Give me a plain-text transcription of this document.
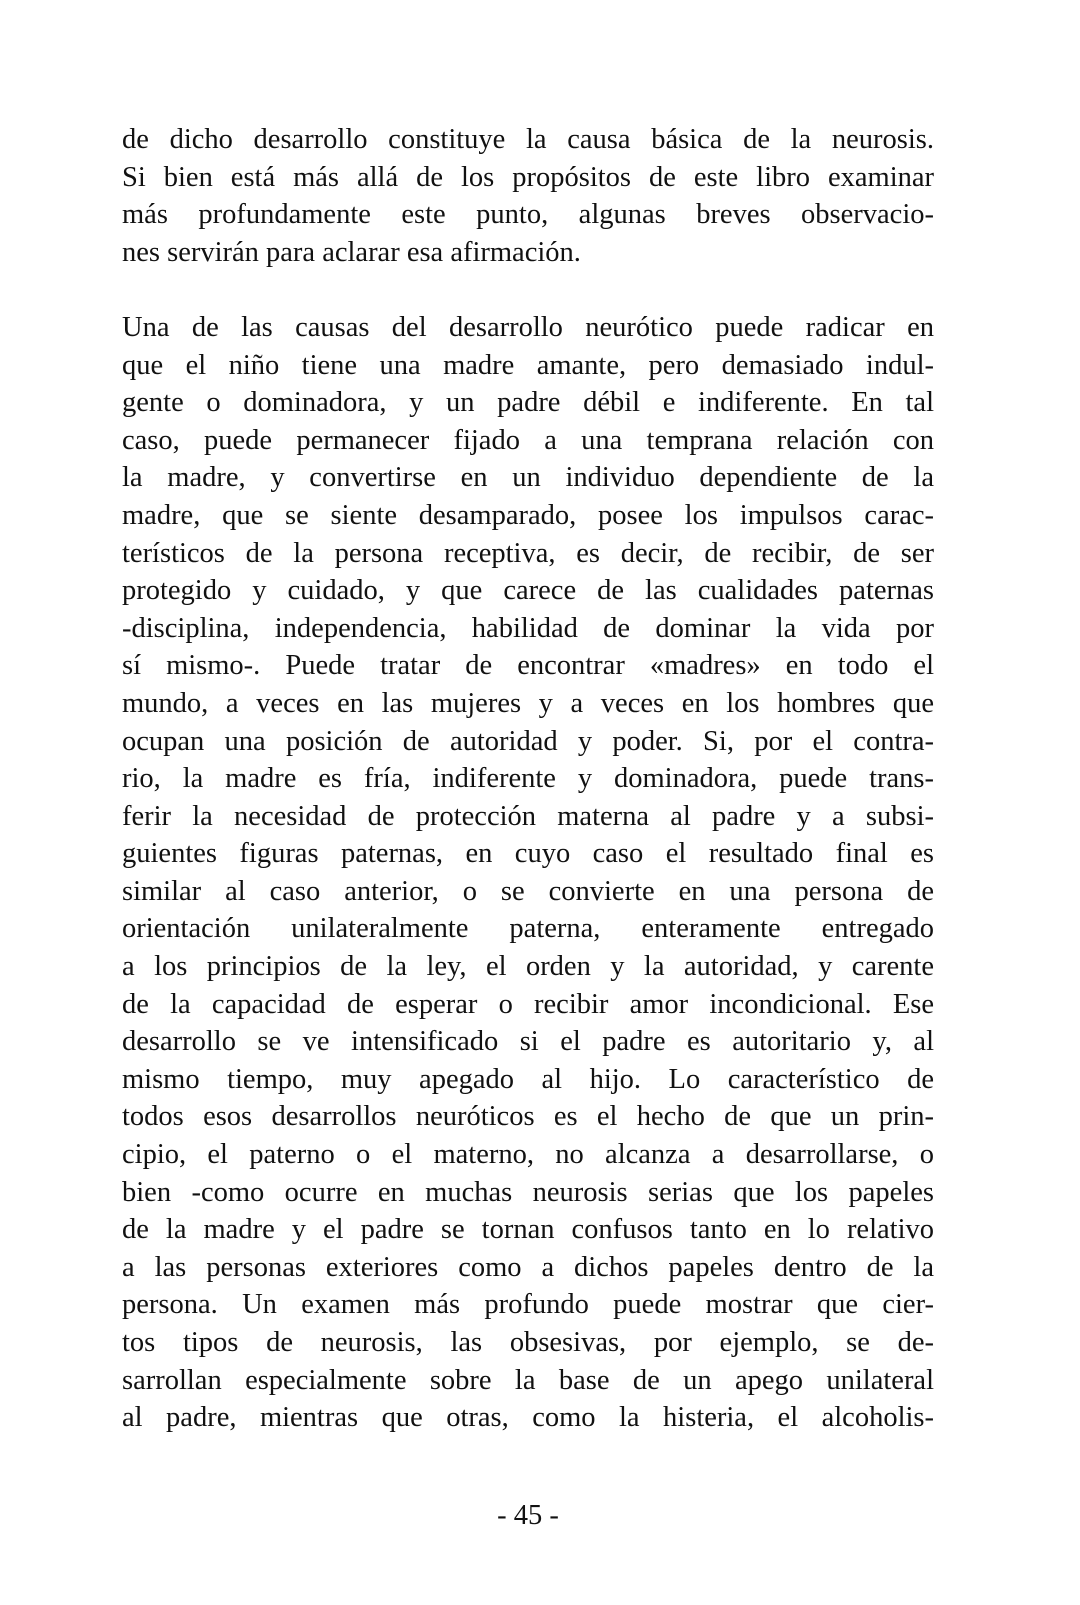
de dicho desarrollo constituye la causa básica de la neurosis.
Si bien está más allá de los propósitos de este libro examinar
más profundamente este punto, algunas breves observacio-
nes servirán para aclarar esa afirmación.
Una de las causas del desarrollo neurótico puede radicar en
que el niño tiene una madre amante, pero demasiado indul-
gente o dominadora, y un padre débil e indiferente. En tal
caso, puede permanecer fijado a una temprana relación con
la madre, y convertirse en un individuo dependiente de la
madre, que se siente desamparado, posee los impulsos carac-
terísticos de la persona receptiva, es decir, de recibir, de ser
protegido y cuidado, y que carece de las cualidades paternas
-disciplina, independencia, habilidad de dominar la vida por
sí mismo-. Puede tratar de encontrar «madres» en todo el
mundo, a veces en las mujeres y a veces en los hombres que
ocupan una posición de autoridad y poder. Si, por el contra-
rio, la madre es fría, indiferente y dominadora, puede trans-
ferir la necesidad de protección materna al padre y a subsi-
guientes figuras paternas, en cuyo caso el resultado final es
similar al caso anterior, o se convierte en una persona de
orientación unilateralmente paterna, enteramente entregado
a los principios de la ley, el orden y la autoridad, y carente
de la capacidad de esperar o recibir amor incondicional. Ese
desarrollo se ve intensificado si el padre es autoritario y, al
mismo tiempo, muy apegado al hijo. Lo característico de
todos esos desarrollos neuróticos es el hecho de que un prin-
cipio, el paterno o el materno, no alcanza a desarrollarse, o
bien -como ocurre en muchas neurosis serias que los papeles
de la madre y el padre se tornan confusos tanto en lo relativo
a las personas exteriores como a dichos papeles dentro de la
persona. Un examen más profundo puede mostrar que cier-
tos tipos de neurosis, las obsesivas, por ejemplo, se de-
sarrollan especialmente sobre la base de un apego unilateral
al padre, mientras que otras, como la histeria, el alcoholis-
- 45 -
